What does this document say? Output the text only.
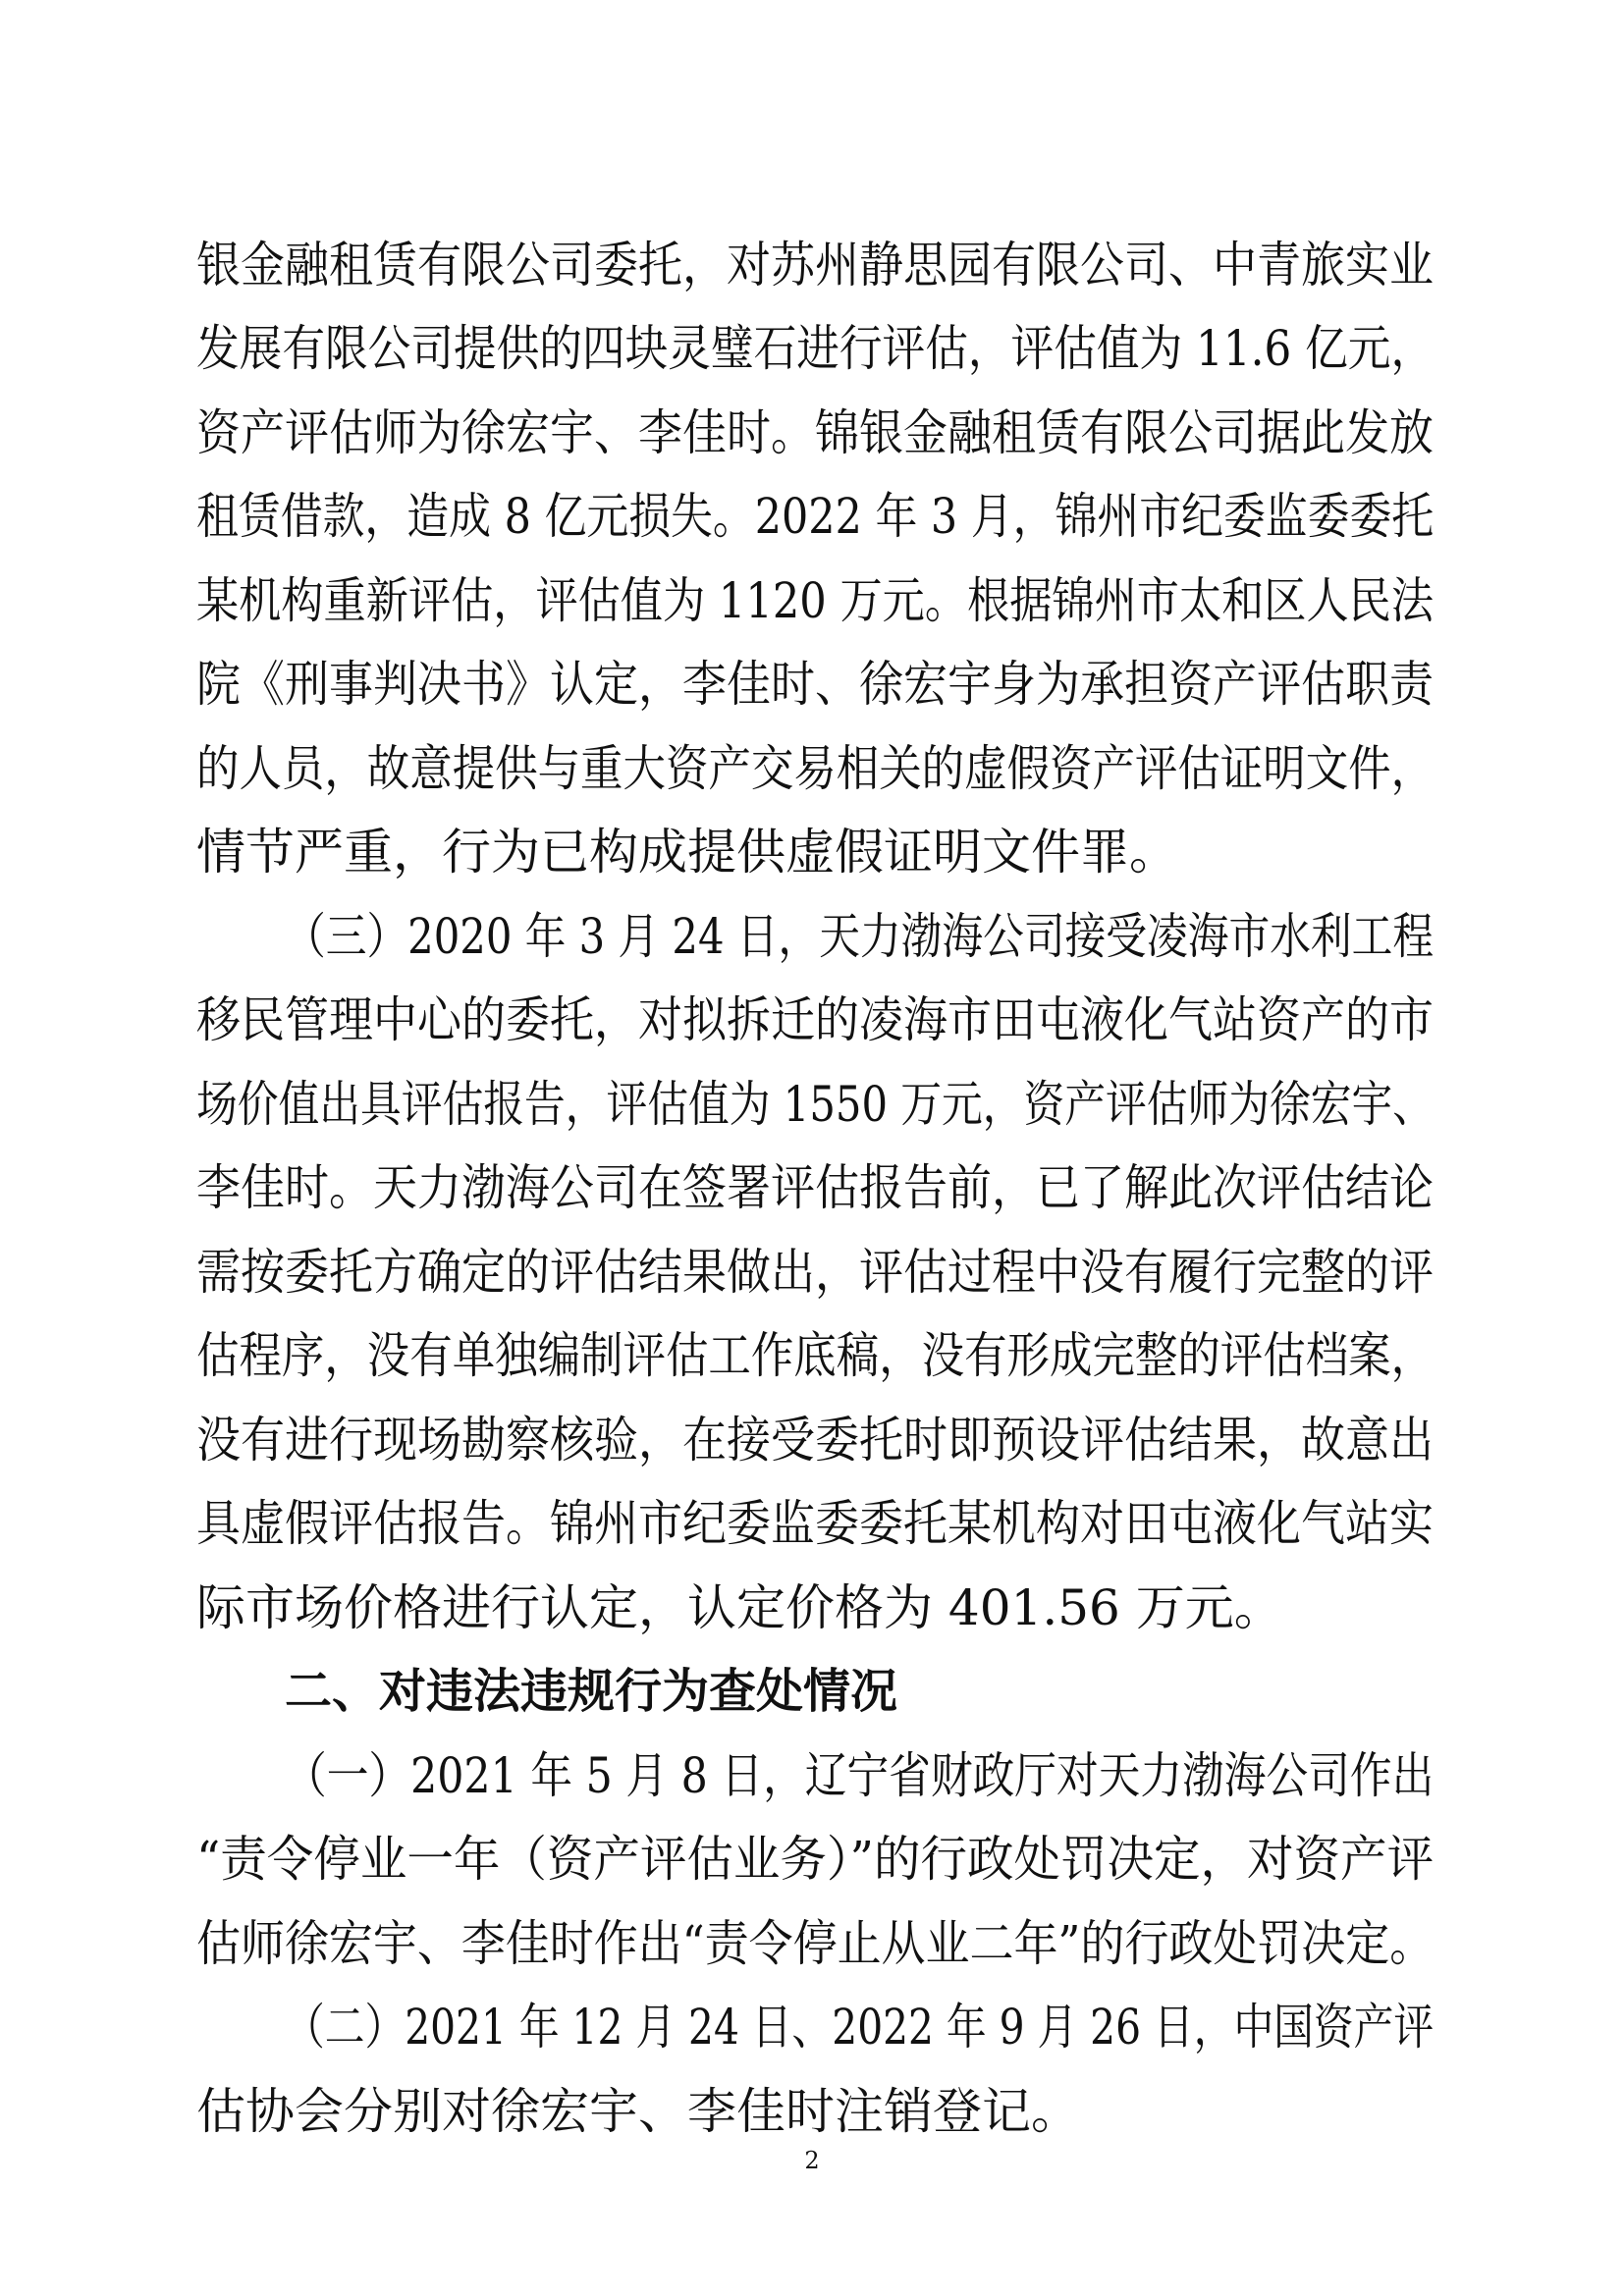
银金融租赁有限公司委托，对苏州静思园有限公司、中青旅实业
发展有限公司提供的四块灵璧石进行评估，评估值为 11.6 亿元，
资产评估师为徐宏宇、李佳时。锦银金融租赁有限公司据此发放
租赁借款，造成 8 亿元损失。2022 年 3 月，锦州市纪委监委委托
某机构重新评估，评估值为 1120 万元。根据锦州市太和区人民法
院《刑事判决书》认定，李佳时、徐宏宇身为承担资产评估职责
的人员，故意提供与重大资产交易相关的虚假资产评估证明文件，
情节严重，行为已构成提供虚假证明文件罪。
（三）2020 年 3 月 24 日，天力渤海公司接受凌海市水利工程
移民管理中心的委托，对拟拆迁的凌海市田屯液化气站资产的市
场价值出具评估报告，评估值为 1550 万元，资产评估师为徐宏宇、
李佳时。天力渤海公司在签署评估报告前，已了解此次评估结论
需按委托方确定的评估结果做出，评估过程中没有履行完整的评
估程序，没有单独编制评估工作底稿，没有形成完整的评估档案，
没有进行现场勘察核验，在接受委托时即预设评估结果，故意出
具虚假评估报告。锦州市纪委监委委托某机构对田屯液化气站实
际市场价格进行认定，认定价格为 401.56 万元。
二、对违法违规行为查处情况
（一）2021 年 5 月 8 日，辽宁省财政厅对天力渤海公司作出
“责令停业一年（资产评估业务）”的行政处罚决定，对资产评
估师徐宏宇、李佳时作出“责令停止从业二年”的行政处罚决定。
（二）2021 年 12 月 24 日、2022 年 9 月 26 日，中国资产评
估协会分别对徐宏宇、李佳时注销登记。
2
